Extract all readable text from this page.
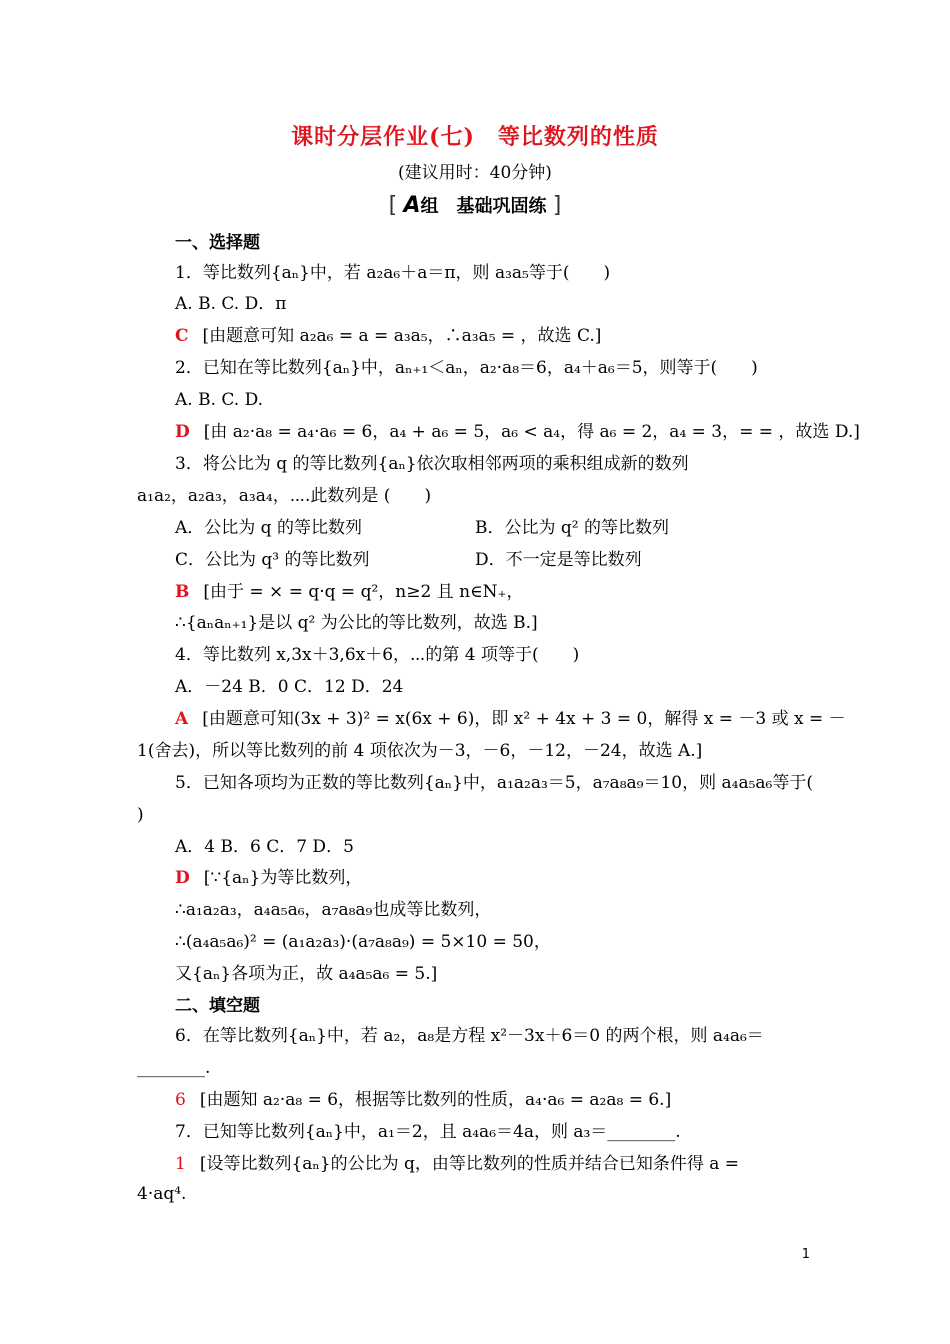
课时分层作业(七)　等比数列的性质
(建议用时：40分钟)
[ A组　基础巩固练 ]
一、选择题
1．等比数列{aₙ}中，若 a₂a₆＋a＝π，则 a₃a₅等于(　　)
A. B. C. D．π
C [由题意可知 a₂a₆ = a = a₃a₅，∴a₃a₅ = ，故选 C.]
2．已知在等比数列{aₙ}中，aₙ₊₁＜aₙ，a₂·a₈＝6，a₄＋a₆＝5，则等于(　　)
A. B. C. D.
D [由 a₂·a₈ = a₄·a₆ = 6，a₄ + a₆ = 5，a₆ < a₄，得 a₆ = 2，a₄ = 3，= = ，故选 D.]
3．将公比为 q 的等比数列{aₙ}依次取相邻两项的乘积组成新的数列
a₁a₂，a₂a₃，a₃a₄，⋯.此数列是 (　　)
A．公比为 q 的等比数列	B．公比为 q² 的等比数列
C．公比为 q³ 的等比数列	D．不一定是等比数列
B [由于 = × = q·q = q²，n≥2 且 n∈N₊，
∴{aₙaₙ₊₁}是以 q² 为公比的等比数列，故选 B.]
4．等比数列 x,3x＋3,6x＋6，⋯的第 4 项等于(　　)
A．－24 B．0 C．12 D．24
A [由题意可知(3x + 3)² = x(6x + 6)，即 x² + 4x + 3 = 0，解得 x = －3 或 x = －
1(舍去)，所以等比数列的前 4 项依次为－3，－6，－12，－24，故选 A.]
5．已知各项均为正数的等比数列{aₙ}中，a₁a₂a₃＝5，a₇a₈a₉＝10，则 a₄a₅a₆等于(
)
A．4 B．6 C．7 D．5
D [∵{aₙ}为等比数列，
∴a₁a₂a₃，a₄a₅a₆，a₇a₈a₉也成等比数列，
∴(a₄a₅a₆)² = (a₁a₂a₃)·(a₇a₈a₉) = 5×10 = 50，
又{aₙ}各项为正，故 a₄a₅a₆ = 5.]
二、填空题
6．在等比数列{aₙ}中，若 a₂，a₈是方程 x²－3x＋6＝0 的两个根，则 a₄a₆＝
________.
6 [由题知 a₂·a₈ = 6，根据等比数列的性质，a₄·a₆ = a₂a₈ = 6.]
7．已知等比数列{aₙ}中，a₁＝2，且 a₄a₆＝4a，则 a₃＝________.
1 [设等比数列{aₙ}的公比为 q，由等比数列的性质并结合已知条件得 a =
4·aq⁴.
1
